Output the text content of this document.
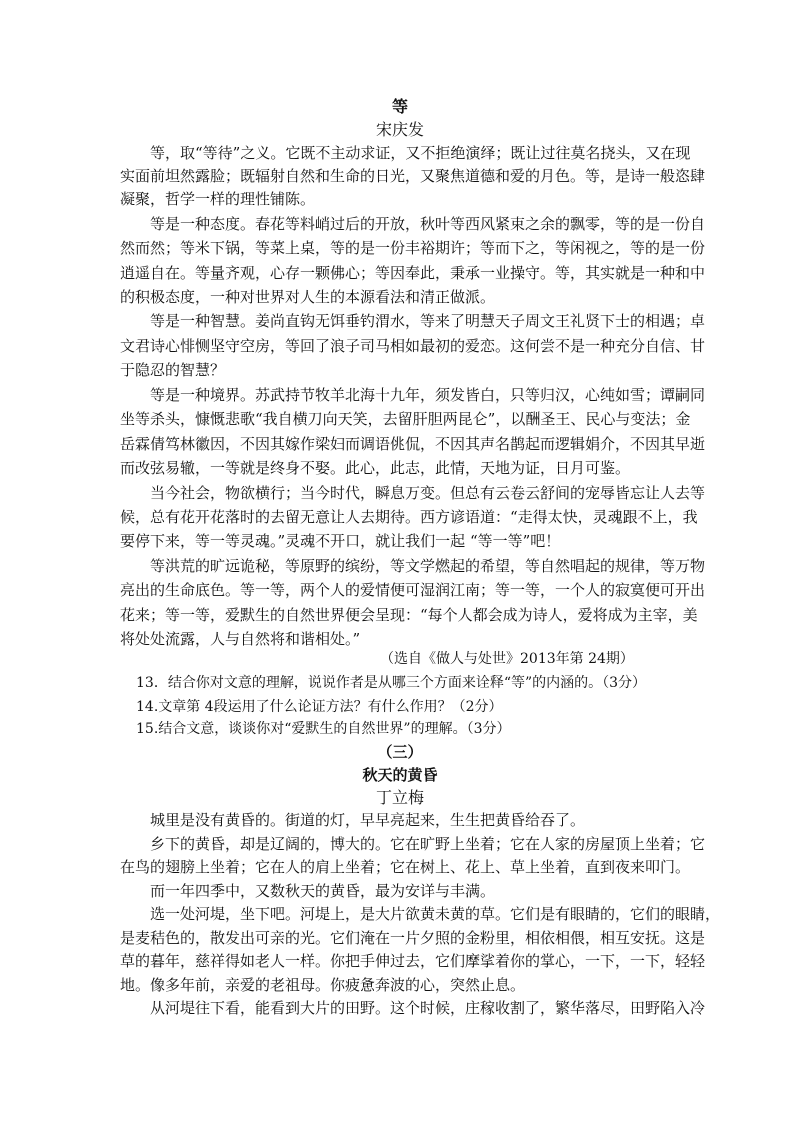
等
宋庆发
　　等，取“等待”之义。它既不主动求证，又不拒绝演绎；既让过往莫名挠头，又在现
实面前坦然露脸；既辐射自然和生命的日光，又聚焦道德和爱的月色。等，是诗一般恣肆
凝聚，哲学一样的理性铺陈。
　　等是一种态度。春花等料峭过后的开放，秋叶等西风紧束之余的飘零，等的是一份自
然而然；等米下锅，等菜上桌，等的是一份丰裕期许；等而下之，等闲视之，等的是一份
逍遥自在。等量齐观，心存一颗佛心；等因奉此，秉承一业操守。等，其实就是一种和中
的积极态度，一种对世界对人生的本源看法和清正做派。
　　等是一种智慧。姜尚直钩无饵垂钓渭水，等来了明慧天子周文王礼贤下士的相遇；卓
文君诗心悱恻坚守空房，等回了浪子司马相如最初的爱恋。这何尝不是一种充分自信、甘
于隐忍的智慧？
　　等是一种境界。苏武持节牧羊北海十九年，须发皆白，只等归汉，心纯如雪；谭嗣同
坐等杀头，慷慨悲歌“我自横刀向天笑，去留肝胆两昆仑”，以酬圣王、民心与变法；金
岳霖倩笃林徽因，不因其嫁作梁妇而调语佻侃，不因其声名鹊起而逻辑娟介，不因其早逝
而改弦易辙，一等就是终身不娶。此心，此志，此情，天地为证，日月可鉴。
　　当今社会，物欲横行；当今时代，瞬息万变。但总有云卷云舒间的宠辱皆忘让人去等
候，总有花开花落时的去留无意让人去期待。西方谚语道：“走得太快，灵魂跟不上，我
要停下来，等一等灵魂。”灵魂不开口，就让我们一起 “等一等”吧！
　　等洪荒的旷远诡秘，等原野的缤纷，等文学燃起的希望，等自然唱起的规律，等万物
亮出的生命底色。等一等，两个人的爱情便可湿润江南；等一等，一个人的寂寞便可开出
花来；等一等，爱默生的自然世界便会呈现：“每个人都会成为诗人，爱将成为主宰，美
将处处流露，人与自然将和谐相处。”
（选自《做人与处世》2013年第 24期）
13．结合你对文意的理解，说说作者是从哪三个方面来诠释“等”的内涵的。（3分）
14.文章第 4段运用了什么论证方法？有什么作用？（2分）
15.结合文意，谈谈你对“爱默生的自然世界”的理解。（3分）
（三）
秋天的黄昏
丁立梅
　　城里是没有黄昏的。街道的灯，早早亮起来，生生把黄昏给吞了。
　　乡下的黄昏，却是辽阔的，博大的。它在旷野上坐着；它在人家的房屋顶上坐着；它
在鸟的翅膀上坐着；它在人的肩上坐着；它在树上、花上、草上坐着，直到夜来叩门。
　　而一年四季中，又数秋天的黄昏，最为安详与丰满。
　　选一处河堤，坐下吧。河堤上，是大片欲黄未黄的草。它们是有眼睛的，它们的眼睛，
是麦秸色的，散发出可亲的光。它们淹在一片夕照的金粉里，相依相偎，相互安抚。这是
草的暮年，慈祥得如老人一样。你把手伸过去，它们摩挲着你的掌心，一下，一下，轻轻
地。像多年前，亲爱的老祖母。你疲惫奔波的心，突然止息。
　　从河堤往下看，能看到大片的田野。这个时候，庄稼收割了，繁华落尽，田野陷入冷
